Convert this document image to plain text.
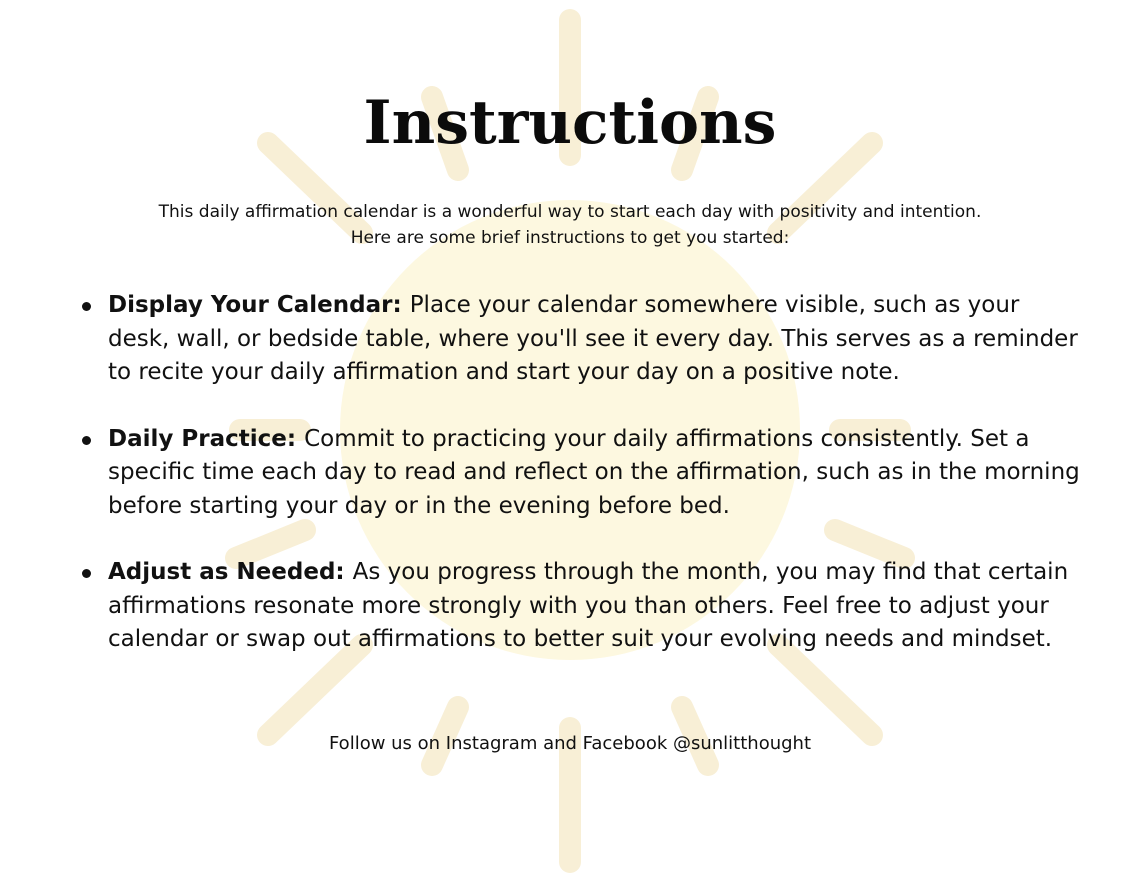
Instructions
This daily affirmation calendar is a wonderful way to start each day with positivity and intention.
Here are some brief instructions to get you started:
Display Your Calendar: Place your calendar somewhere visible, such as your desk, wall, or bedside table, where you'll see it every day. This serves as a reminder to recite your daily affirmation and start your day on a positive note.
Daily Practice: Commit to practicing your daily affirmations consistently. Set a specific time each day to read and reflect on the affirmation, such as in the morning before starting your day or in the evening before bed.
Adjust as Needed: As you progress through the month, you may find that certain affirmations resonate more strongly with you than others. Feel free to adjust your calendar or swap out affirmations to better suit your evolving needs and mindset.
Follow us on Instagram and Facebook @sunlitthought
